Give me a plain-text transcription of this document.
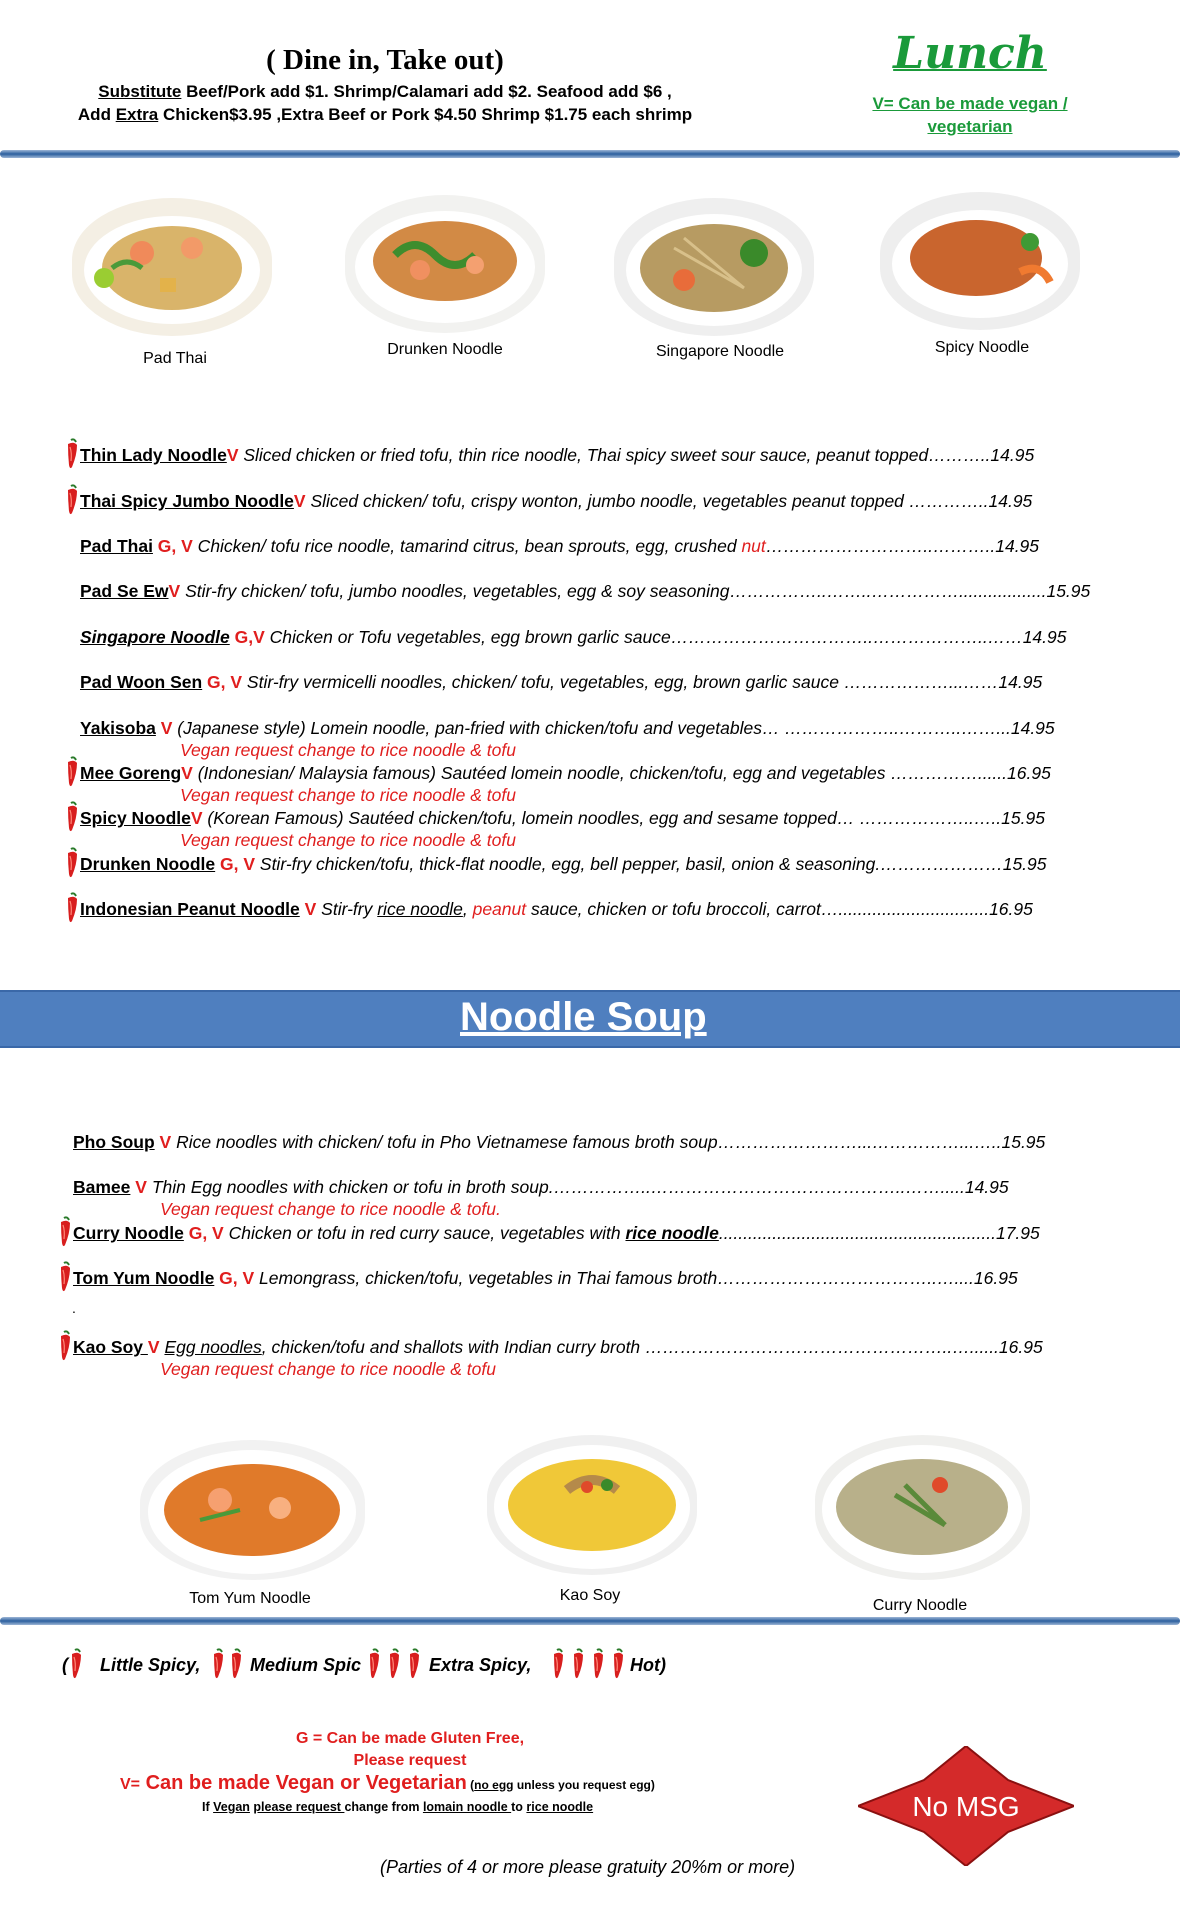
( Dine in, Take out)
Substitute Beef/Pork add $1. Shrimp/Calamari add $2. Seafood add $6 ,
Add Extra Chicken$3.95 ,Extra Beef or Pork $4.50 Shrimp $1.75 each shrimp
Lunch
V= Can be made vegan / vegetarian
Pad Thai
Drunken Noodle	Singapore Noodle	Spicy Noodle
Thin Lady NoodleV Sliced chicken or fried tofu, thin rice noodle, Thai spicy sweet sour sauce, peanut topped………..14.95
Thai Spicy Jumbo NoodleV Sliced chicken/ tofu, crispy wonton, jumbo noodle, vegetables peanut topped …………..14.95
Pad Thai G, V Chicken/ tofu rice noodle, tamarind citrus, bean sprouts, egg, crushed nut………………………..………..14.95
Pad Se EwV Stir-fry chicken/ tofu, jumbo noodles, vegetables, egg & soy seasoning……………..……..……………..................15.95
Singapore Noodle G,V Chicken or Tofu vegetables, egg brown garlic sauce……………………………..………………..……14.95
Pad Woon Sen G, V Stir-fry vermicelli noodles, chicken/ tofu, vegetables, egg, brown garlic sauce ………………...……14.95
Yakisoba V (Japanese style) Lomein noodle, pan-fried with chicken/tofu and vegetables… ………………..………..……...14.95
Vegan request change to rice noodle & tofu
Mee GorengV (Indonesian/ Malaysia famous) Sautéed lomein noodle, chicken/tofu, egg and vegetables ……………......16.95
Vegan request change to rice noodle & tofu
Spicy NoodleV (Korean Famous) Sautéed chicken/tofu, lomein noodles, egg and sesame topped… ………………..…..15.95
Vegan request change to rice noodle & tofu
Drunken Noodle G, V Stir-fry chicken/tofu, thick-flat noodle, egg, bell pepper, basil, onion & seasoning.…………………15.95
Indonesian Peanut Noodle V Stir-fry rice noodle, peanut sauce, chicken or tofu broccoli, carrot…...............................16.95
Noodle Soup
Pho Soup V Rice noodles with chicken/ tofu in Pho Vietnamese famous broth soup……………………...……………...…..15.95
Bamee V Thin Egg noodles with chicken or tofu in broth soup.……………..……………………………………..…….....14.95
Vegan request change to rice noodle & tofu.
Curry Noodle G, V Chicken or tofu in red curry sauce, vegetables with rice noodle.........................................................17.95
Tom Yum Noodle G, V Lemongrass, chicken/tofu, vegetables in Thai famous broth………………………………..…....16.95
Kao Soy V Egg noodles, chicken/tofu and shallots with Indian curry broth ……………………………………………..…......16.95
Vegan request change to rice noodle & tofu
.
Tom Yum Noodle	Kao Soy
Curry Noodle
( Little Spicy,	Medium Spic	Extra Spicy,	Hot)
G = Can be made Gluten Free,
Please request
V= Can be made Vegan or Vegetarian (no egg unless you request egg)
If Vegan please request change from lomain noodle to rice noodle	No MSG
(Parties of 4 or more please gratuity 20%m or more)
